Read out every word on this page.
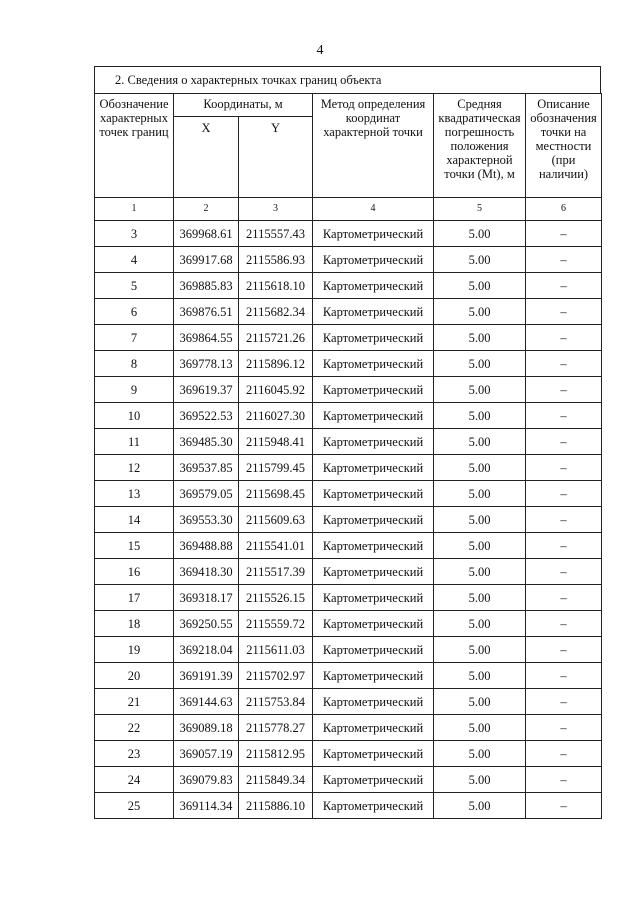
4
2. Сведения о характерных точках границ объекта
Обозначение характерных точек границ	Координаты, м		Метод определения координат характерной точки	Средняя квадратическая погрешность положения характерной точки (Mt), м	Описание обозначения точки на местности (при наличии)
	X	Y			
1	2	3	4	5	6
3	369968.61	2115557.43	Картометрический	5.00	–
4	369917.68	2115586.93	Картометрический	5.00	–
5	369885.83	2115618.10	Картометрический	5.00	–
6	369876.51	2115682.34	Картометрический	5.00	–
7	369864.55	2115721.26	Картометрический	5.00	–
8	369778.13	2115896.12	Картометрический	5.00	–
9	369619.37	2116045.92	Картометрический	5.00	–
10	369522.53	2116027.30	Картометрический	5.00	–
11	369485.30	2115948.41	Картометрический	5.00	–
12	369537.85	2115799.45	Картометрический	5.00	–
13	369579.05	2115698.45	Картометрический	5.00	–
14	369553.30	2115609.63	Картометрический	5.00	–
15	369488.88	2115541.01	Картометрический	5.00	–
16	369418.30	2115517.39	Картометрический	5.00	–
17	369318.17	2115526.15	Картометрический	5.00	–
18	369250.55	2115559.72	Картометрический	5.00	–
19	369218.04	2115611.03	Картометрический	5.00	–
20	369191.39	2115702.97	Картометрический	5.00	–
21	369144.63	2115753.84	Картометрический	5.00	–
22	369089.18	2115778.27	Картометрический	5.00	–
23	369057.19	2115812.95	Картометрический	5.00	–
24	369079.83	2115849.34	Картометрический	5.00	–
25	369114.34	2115886.10	Картометрический	5.00	–
